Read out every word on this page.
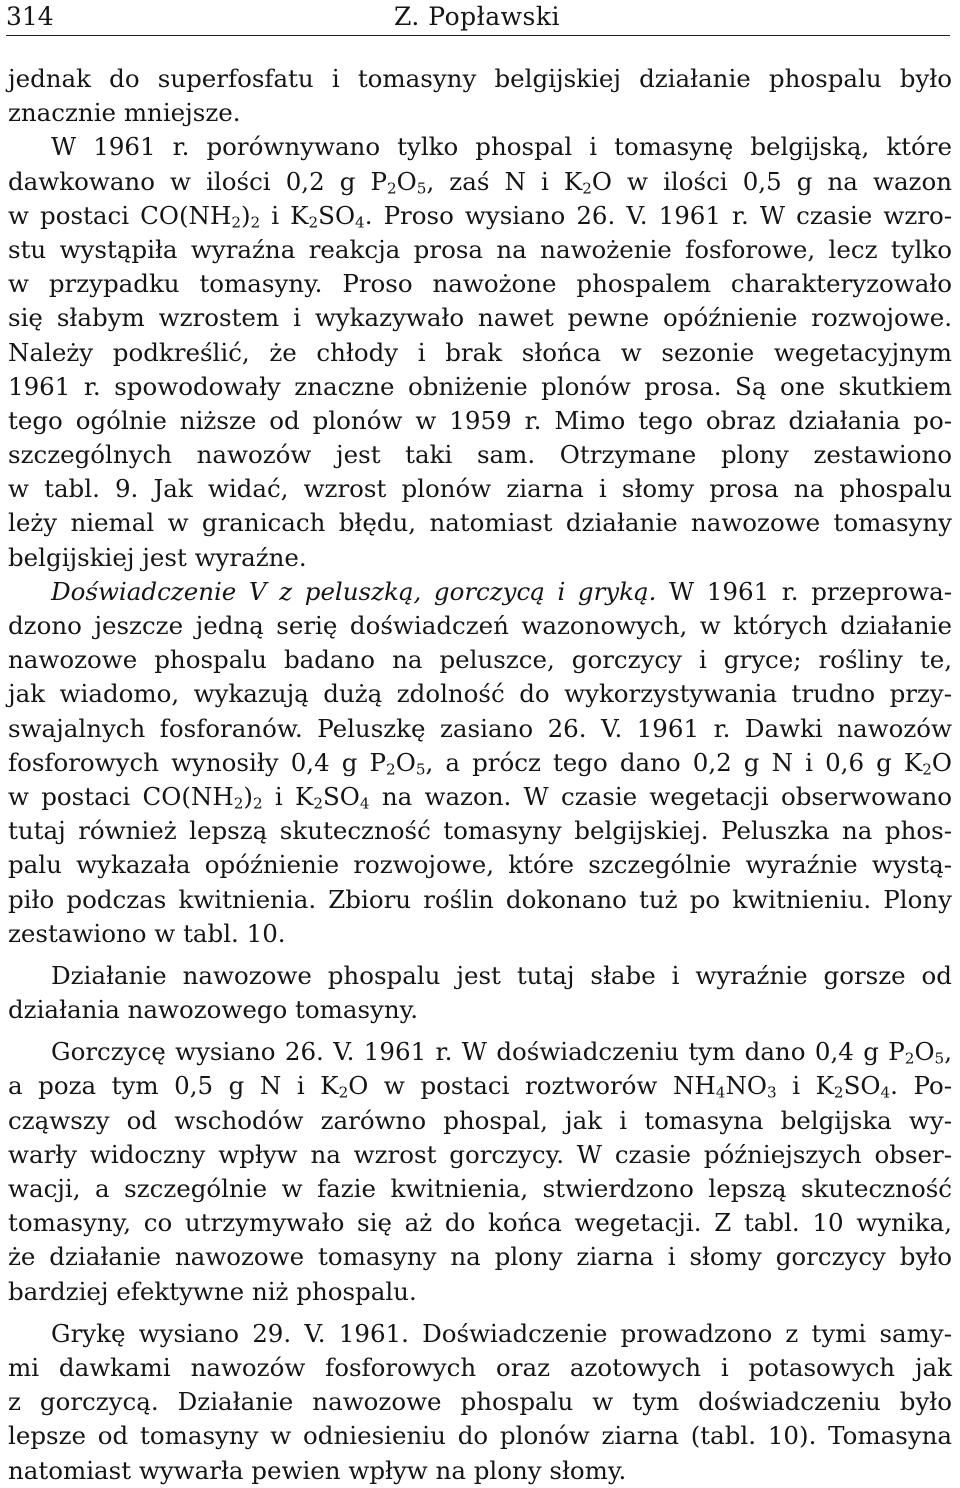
314	Z. Popławski
jednak do superfosfatu i tomasyny belgijskiej działanie phospalu było
znacznie mniejsze.
W 1961 r. porównywano tylko phospal i tomasynę belgijską, które
dawkowano w ilości 0,2 g $P_2O_5$, zaś N i $K_2O$ w ilości 0,5 g na wazon
w postaci $CO(NH_2)_2$ i $K_2SO_4$. Proso wysiano 26. V. 1961 r. W czasie wzro-
stu wystąpiła wyraźna reakcja prosa na nawożenie fosforowe, lecz tylko
w przypadku tomasyny. Proso nawożone phospalem charakteryzowało
się słabym wzrostem i wykazywało nawet pewne opóźnienie rozwojowe.
Należy podkreślić, że chłody i brak słońca w sezonie wegetacyjnym
1961 r. spowodowały znaczne obniżenie plonów prosa. Są one skutkiem
tego ogólnie niższe od plonów w 1959 r. Mimo tego obraz działania po-
szczególnych nawozów jest taki sam. Otrzymane plony zestawiono
w tabl. 9. Jak widać, wzrost plonów ziarna i słomy prosa na phospalu
leży niemal w granicach błędu, natomiast działanie nawozowe tomasyny
belgijskiej jest wyraźne.
Doświadczenie V z peluszką, gorczycą i gryką. W 1961 r. przeprowa-
dzono jeszcze jedną serię doświadczeń wazonowych, w których działanie
nawozowe phospalu badano na peluszce, gorczycy i gryce; rośliny te,
jak wiadomo, wykazują dużą zdolność do wykorzystywania trudno przy-
swajalnych fosforanów. Peluszkę zasiano 26. V. 1961 r. Dawki nawozów
fosforowych wynosiły 0,4 g $P_2O_5$, a prócz tego dano 0,2 g N i 0,6 g $K_2O$
w postaci $CO(NH_2)_2$ i $K_2SO_4$ na wazon. W czasie wegetacji obserwowano
tutaj również lepszą skuteczność tomasyny belgijskiej. Peluszka na phos-
palu wykazała opóźnienie rozwojowe, które szczególnie wyraźnie wystą-
piło podczas kwitnienia. Zbioru roślin dokonano tuż po kwitnieniu. Plony
zestawiono w tabl. 10.
Działanie nawozowe phospalu jest tutaj słabe i wyraźnie gorsze od
działania nawozowego tomasyny.
Gorczycę wysiano 26. V. 1961 r. W doświadczeniu tym dano 0,4 g $P_2O_5$,
a poza tym 0,5 g N i $K_2O$ w postaci roztworów $NH_4NO_3$ i $K_2SO_4$. Po-
cząwszy od wschodów zarówno phospal, jak i tomasyna belgijska wy-
warły widoczny wpływ na wzrost gorczycy. W czasie późniejszych obser-
wacji, a szczególnie w fazie kwitnienia, stwierdzono lepszą skuteczność
tomasyny, co utrzymywało się aż do końca wegetacji. Z tabl. 10 wynika,
że działanie nawozowe tomasyny na plony ziarna i słomy gorczycy było
bardziej efektywne niż phospalu.
Grykę wysiano 29. V. 1961. Doświadczenie prowadzono z tymi samy-
mi dawkami nawozów fosforowych oraz azotowych i potasowych jak
z gorczycą. Działanie nawozowe phospalu w tym doświadczeniu było
lepsze od tomasyny w odniesieniu do plonów ziarna (tabl. 10). Tomasyna
natomiast wywarła pewien wpływ na plony słomy.
